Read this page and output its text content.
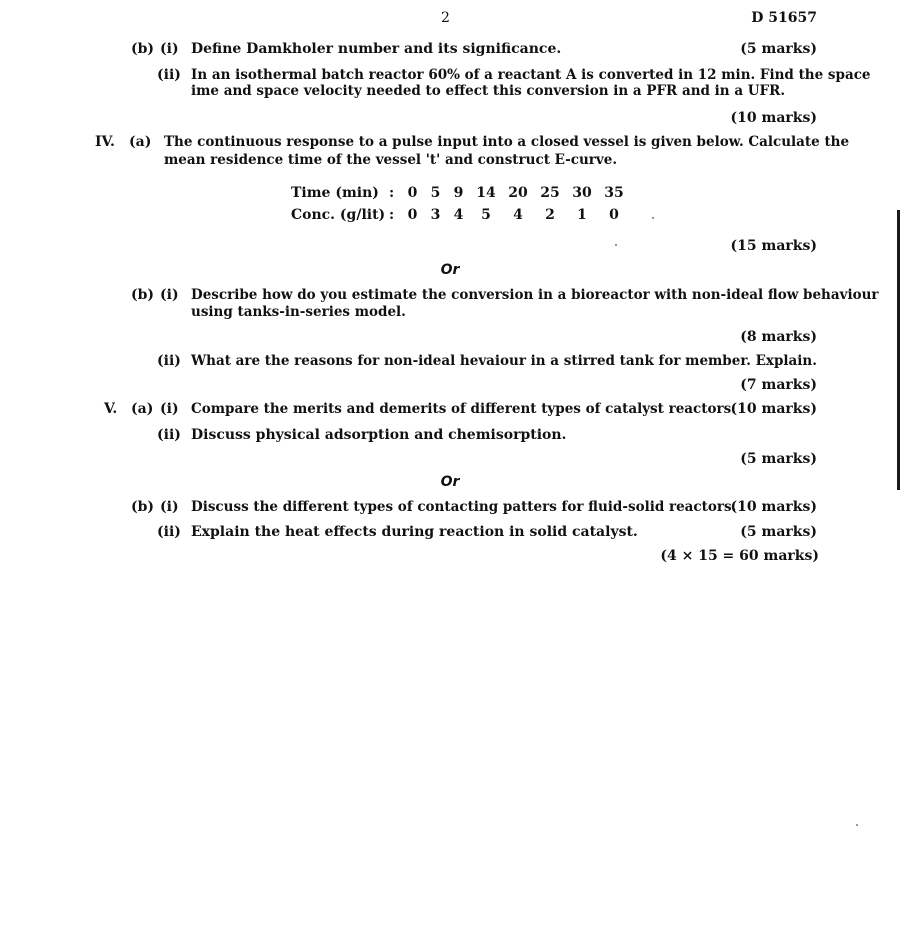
2	D 51657
(b) (i) Define Damkholer number and its significance.	(5 marks)
(ii) In an isothermal batch reactor 60% of a reactant A is converted in 12 min. Find the space
ime and space velocity needed to effect this conversion in a PFR and in a UFR.
(10 marks)
IV. (a) The continuous response to a pulse input into a closed vessel is given below. Calculate the
mean residence time of the vessel 't' and construct E-curve.
Time (min)	:	0	5	9	14	20	25	30	35
Conc. (g/lit)	:	0	3	4	5	4	2	1	0
(15 marks)
Or
(b) (i) Describe how do you estimate the conversion in a bioreactor with non-ideal flow behaviour
using tanks-in-series model.
(8 marks)
(ii) What are the reasons for non-ideal hevaiour in a stirred tank for member. Explain.
(7 marks)
V. (a) (i) Compare the merits and demerits of different types of catalyst reactors.
(10 marks)
(ii) Discuss physical adsorption and chemisorption.
(5 marks)
Or
(b) (i) Discuss the different types of contacting patters for fluid-solid reactors.
(10 marks)
(ii) Explain the heat effects during reaction in solid catalyst.	(5 marks)
(4 × 15 = 60 marks)
